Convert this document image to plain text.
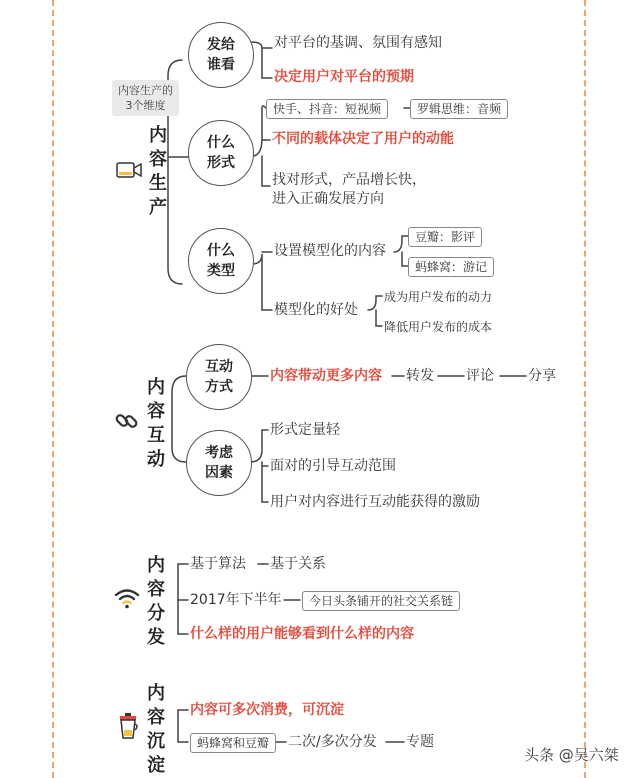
内容生产的
3个维度
内容生产
发给
谁看
对平台的基调、氛围有感知
决定用户对平台的预期
什么
形式
快手、抖音：短视频	罗辑思维：音频
不同的载体决定了用户的动能
找对形式，产品增长快，
进入正确发展方向
什么
类型
设置模型化的内容
豆瓣：影评
蚂蜂窝：游记
模型化的好处
成为用户发布的动力
降低用户发布的成本
内容互动
互动
方式
内容带动更多内容 转发 评论 分享
考虑
因素
形式定量轻
面对的引导互动范围
用户对内容进行互动能获得的激励
内容分发
基于算法 基于关系
2017年下半年	今日头条铺开的社交关系链
什么样的用户能够看到什么样的内容
内容沉淀
内容可多次消费，可沉淀
蚂蜂窝和豆瓣	二次/多次分发 专题
头条 @吴六桀
